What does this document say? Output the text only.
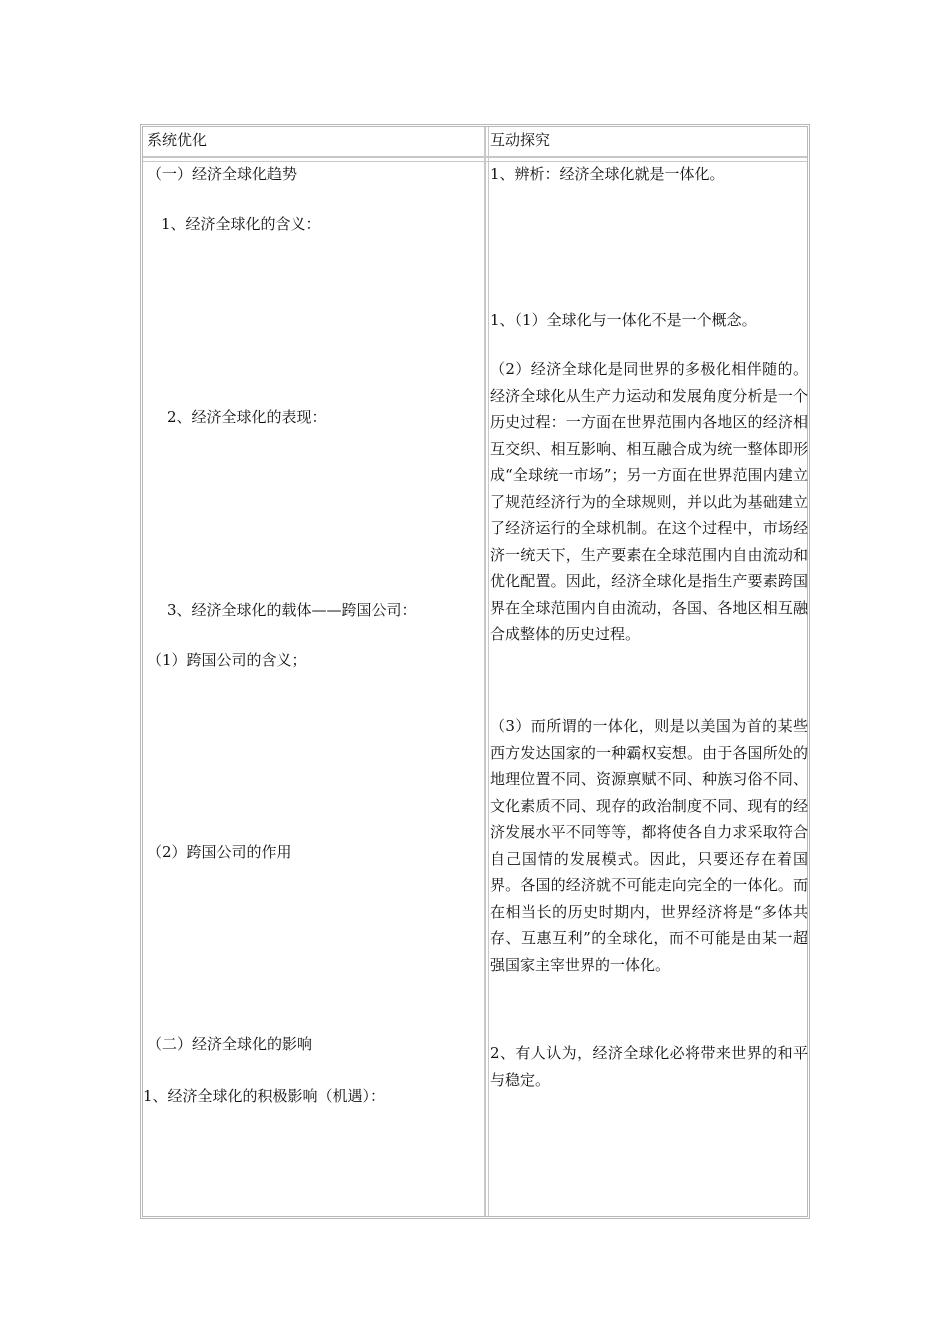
系统优化	互动探究
（一）经济全球化趋势
1、经济全球化的含义：
2、经济全球化的表现：
3、经济全球化的载体——跨国公司：
（1）跨国公司的含义；
（2）跨国公司的作用
（二）经济全球化的影响
1、经济全球化的积极影响（机遇）：
1、辨析：经济全球化就是一体化。
1、（1）全球化与一体化不是一个概念。
（2）经济全球化是同世界的多极化相伴随的。经济全球化从生产力运动和发展角度分析是一个历史过程：一方面在世界范围内各地区的经济相互交织、相互影响、相互融合成为统一整体即形成“全球统一市场”；另一方面在世界范围内建立了规范经济行为的全球规则，并以此为基础建立了经济运行的全球机制。在这个过程中，市场经济一统天下，生产要素在全球范围内自由流动和优化配置。因此，经济全球化是指生产要素跨国界在全球范围内自由流动，各国、各地区相互融合成整体的历史过程。
（3）而所谓的一体化，则是以美国为首的某些西方发达国家的一种霸权妄想。由于各国所处的地理位置不同、资源禀赋不同、种族习俗不同、文化素质不同、现存的政治制度不同、现有的经济发展水平不同等等，都将使各自力求采取符合自己国情的发展模式。因此，只要还存在着国界。各国的经济就不可能走向完全的一体化。而在相当长的历史时期内，世界经济将是“多体共存、互惠互利”的全球化，而不可能是由某一超强国家主宰世界的一体化。
2、有人认为，经济全球化必将带来世界的和平与稳定。
